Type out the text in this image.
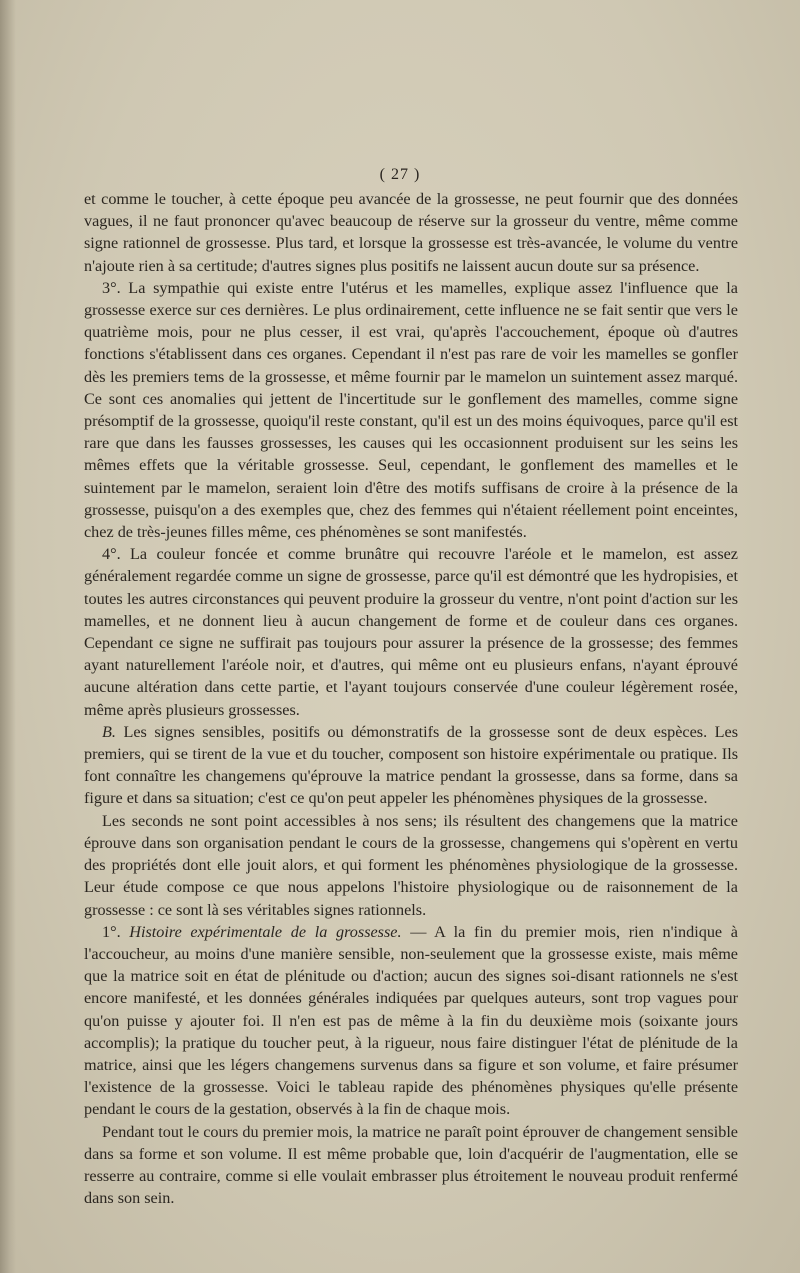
( 27 )

et comme le toucher, à cette époque peu avancée de la grossesse, ne peut fournir que des données vagues, il ne faut prononcer qu'avec beaucoup de réserve sur la grosseur du ventre, même comme signe rationnel de grossesse. Plus tard, et lorsque la grossesse est très-avancée, le volume du ventre n'ajoute rien à sa certitude; d'autres signes plus positifs ne laissent aucun doute sur sa présence.

3°. La sympathie qui existe entre l'utérus et les mamelles, explique assez l'influence que la grossesse exerce sur ces dernières. Le plus ordinairement, cette influence ne se fait sentir que vers le quatrième mois, pour ne plus cesser, il est vrai, qu'après l'accouchement, époque où d'autres fonctions s'établissent dans ces organes. Cependant il n'est pas rare de voir les mamelles se gonfler dès les premiers tems de la grossesse, et même fournir par le mamelon un suintement assez marqué. Ce sont ces anomalies qui jettent de l'incertitude sur le gonflement des mamelles, comme signe présomptif de la grossesse, quoiqu'il reste constant, qu'il est un des moins équivoques, parce qu'il est rare que dans les fausses grossesses, les causes qui les occasionnent produisent sur les seins les mêmes effets que la véritable grossesse. Seul, cependant, le gonflement des mamelles et le suintement par le mamelon, seraient loin d'être des motifs suffisans de croire à la présence de la grossesse, puisqu'on a des exemples que, chez des femmes qui n'étaient réellement point enceintes, chez de très-jeunes filles même, ces phénomènes se sont manifestés.

4°. La couleur foncée et comme brunâtre qui recouvre l'aréole et le mamelon, est assez généralement regardée comme un signe de grossesse, parce qu'il est démontré que les hydropisies, et toutes les autres circonstances qui peuvent produire la grosseur du ventre, n'ont point d'action sur les mamelles, et ne donnent lieu à aucun changement de forme et de couleur dans ces organes. Cependant ce signe ne suffirait pas toujours pour assurer la présence de la grossesse; des femmes ayant naturellement l'aréole noir, et d'autres, qui même ont eu plusieurs enfans, n'ayant éprouvé aucune altération dans cette partie, et l'ayant toujours conservée d'une couleur légèrement rosée, même après plusieurs grossesses.

B. Les signes sensibles, positifs ou démonstratifs de la grossesse sont de deux espèces. Les premiers, qui se tirent de la vue et du toucher, composent son histoire expérimentale ou pratique. Ils font connaître les changemens qu'éprouve la matrice pendant la grossesse, dans sa forme, dans sa figure et dans sa situation; c'est ce qu'on peut appeler les phénomènes physiques de la grossesse.

Les seconds ne sont point accessibles à nos sens; ils résultent des changemens que la matrice éprouve dans son organisation pendant le cours de la grossesse, changemens qui s'opèrent en vertu des propriétés dont elle jouit alors, et qui forment les phénomènes physiologique de la grossesse. Leur étude compose ce que nous appelons l'histoire physiologique ou de raisonnement de la grossesse : ce sont là ses véritables signes rationnels.

1°. Histoire expérimentale de la grossesse. — A la fin du premier mois, rien n'indique à l'accoucheur, au moins d'une manière sensible, non-seulement que la grossesse existe, mais même que la matrice soit en état de plénitude ou d'action; aucun des signes soi-disant rationnels ne s'est encore manifesté, et les données générales indiquées par quelques auteurs, sont trop vagues pour qu'on puisse y ajouter foi. Il n'en est pas de même à la fin du deuxième mois (soixante jours accomplis); la pratique du toucher peut, à la rigueur, nous faire distinguer l'état de plénitude de la matrice, ainsi que les légers changemens survenus dans sa figure et son volume, et faire présumer l'existence de la grossesse. Voici le tableau rapide des phénomènes physiques qu'elle présente pendant le cours de la gestation, observés à la fin de chaque mois.

Pendant tout le cours du premier mois, la matrice ne paraît point éprouver de changement sensible dans sa forme et son volume. Il est même probable que, loin d'acquérir de l'augmentation, elle se resserre au contraire, comme si elle voulait embrasser plus étroitement le nouveau produit renfermé dans son sein.
